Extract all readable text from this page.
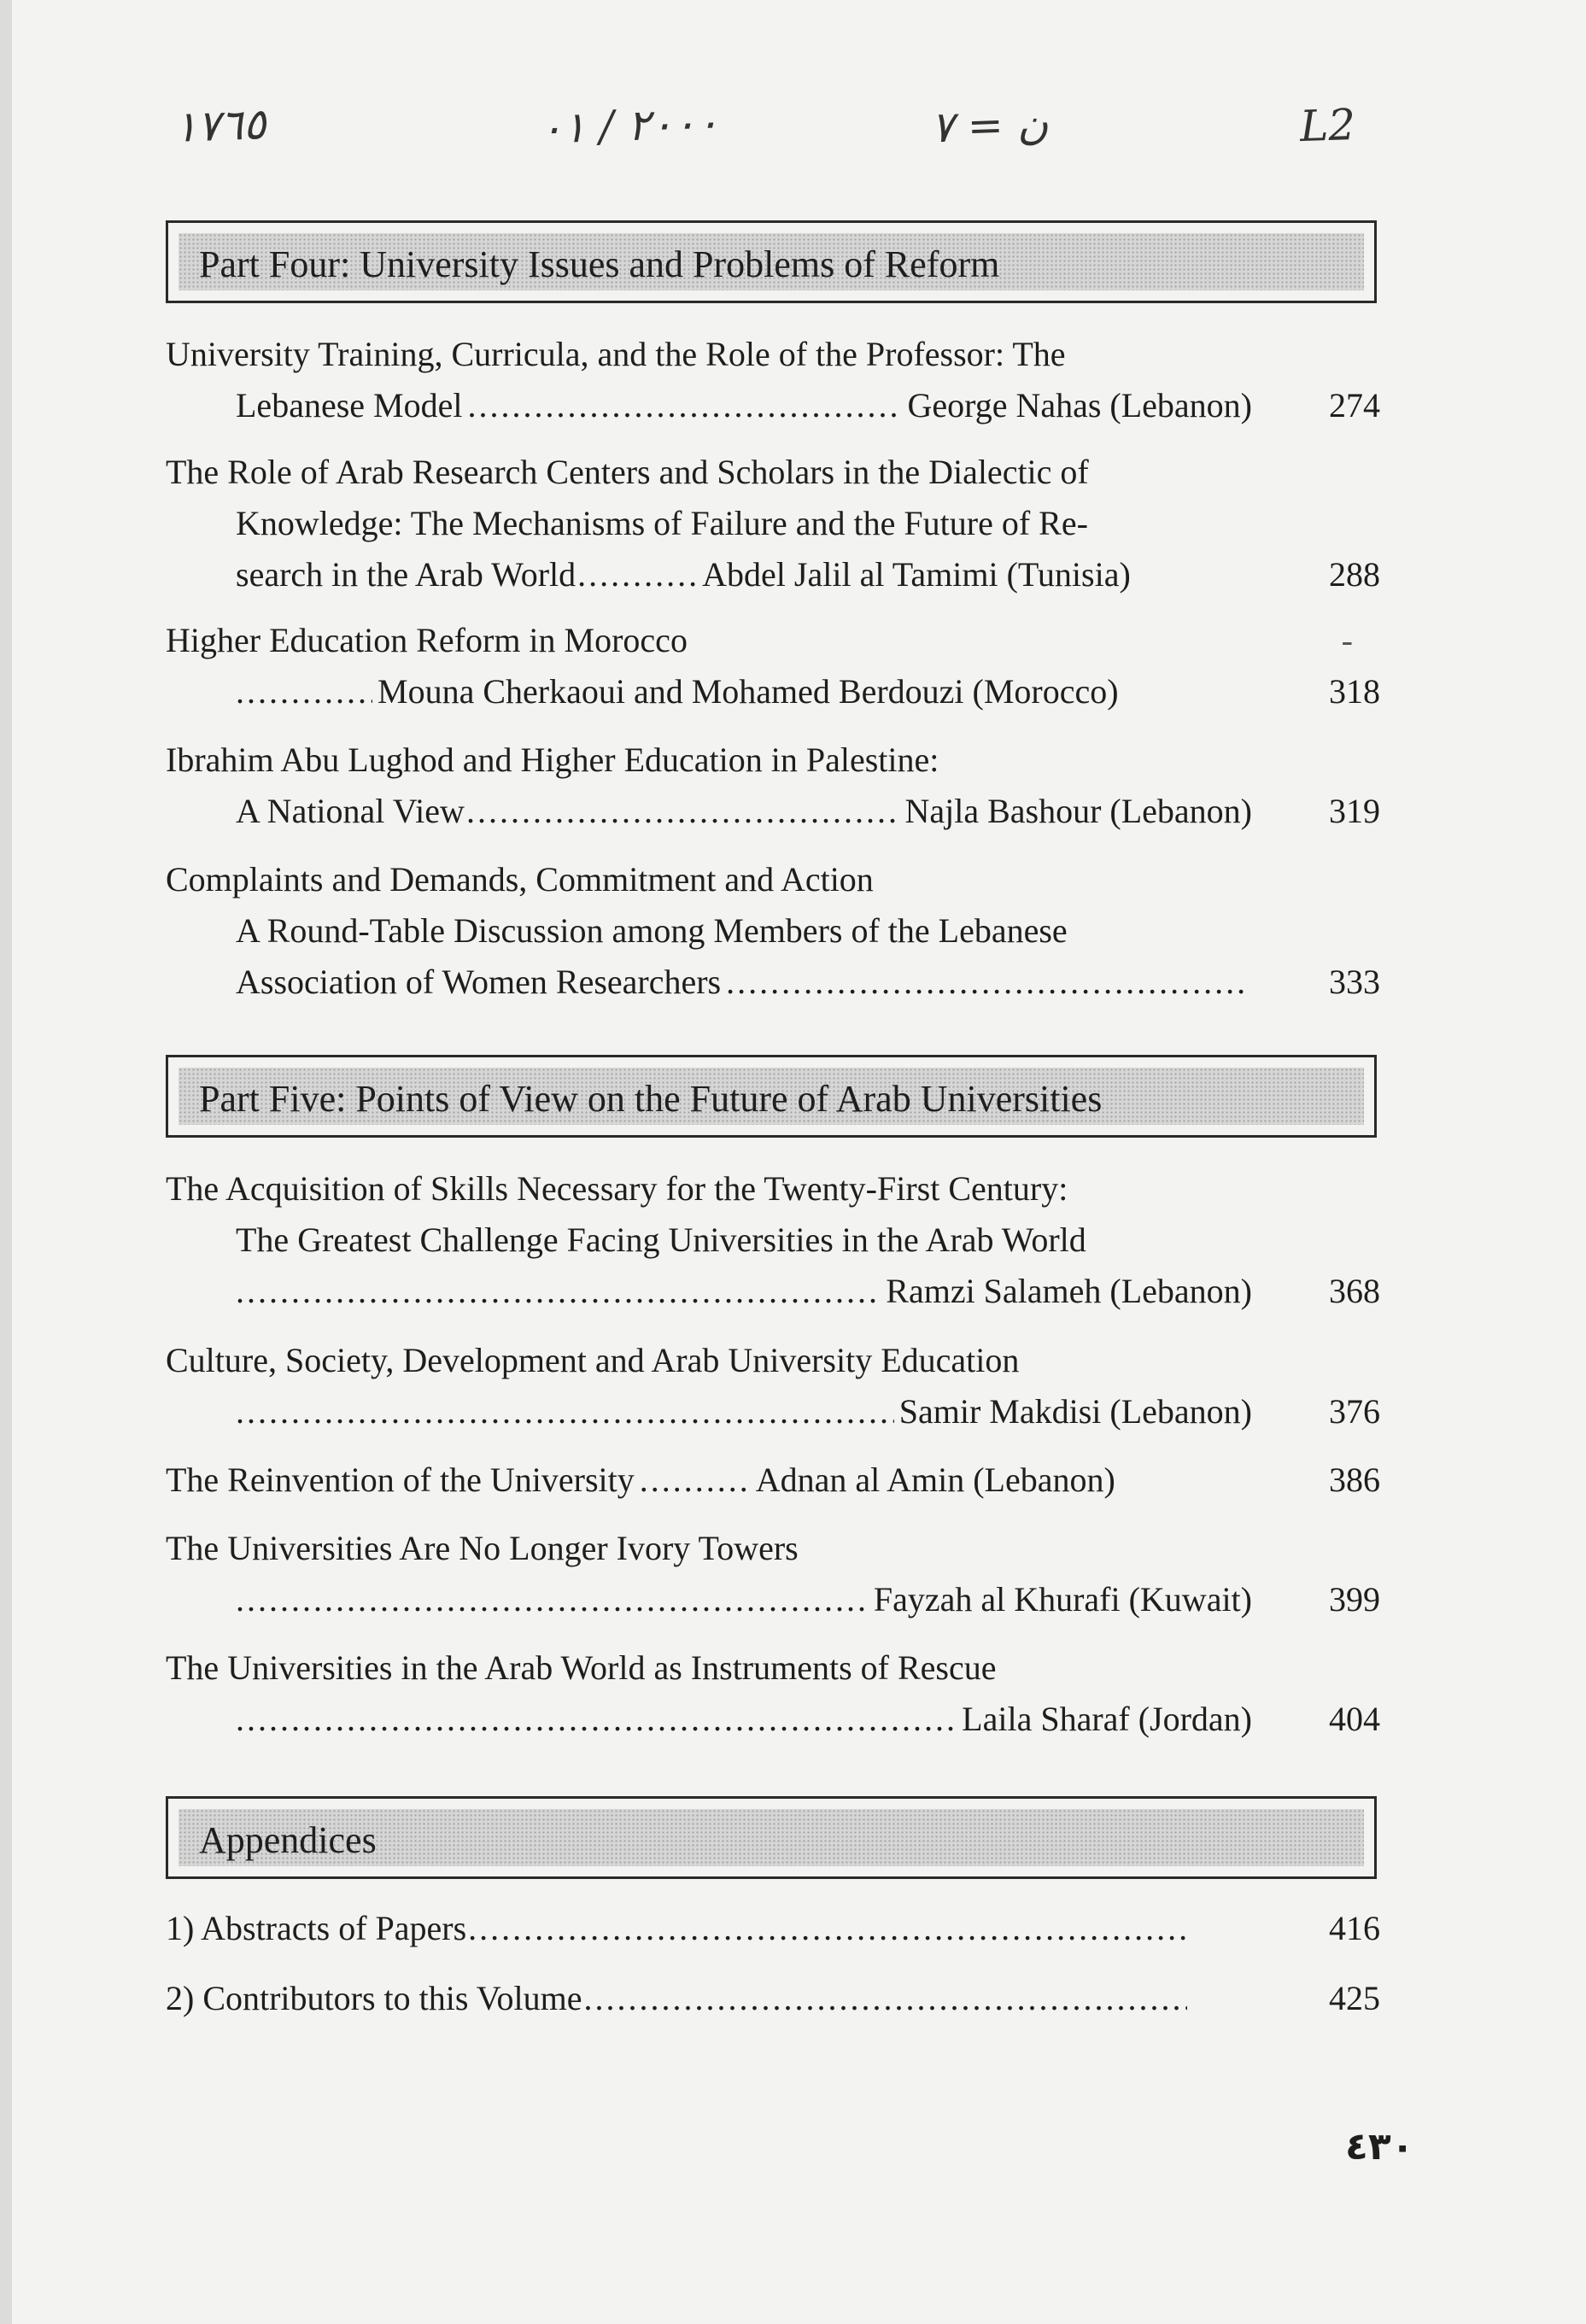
١٧٦٥	٢٠٠٠ / ٠١	ن = ٧	L2
Part Four: University Issues and Problems of Reform
University Training, Curricula, and the Role of the Professor: The
Lebanese Model .....	George Nahas (Lebanon)	274
The Role of Arab Research Centers and Scholars in the Dialectic of
Knowledge: The Mechanisms of Failure and the Future of Re-
search in the Arab World .....	Abdel Jalil al Tamimi (Tunisia)	288
Higher Education Reform in Morocco	-
.....
Mouna Cherkaoui and Mohamed Berdouzi (Morocco)	318
Ibrahim Abu Lughod and Higher Education in Palestine:
A National View .....	Najla Bashour (Lebanon)	319
Complaints and Demands, Commitment and Action
A Round-Table Discussion among Members of the Lebanese
Association of Women Researchers .....	333
Part Five: Points of View on the Future of Arab Universities
The Acquisition of Skills Necessary for the Twenty-First Century:
The Greatest Challenge Facing Universities in the Arab World
.....
Ramzi Salameh (Lebanon)	368
Culture, Society, Development and Arab University Education
.....
Samir Makdisi (Lebanon)	376
The Reinvention of the University .....	Adnan al Amin (Lebanon)	386
The Universities Are No Longer Ivory Towers
.....
Fayzah al Khurafi (Kuwait)	399
The Universities in the Arab World as Instruments of Rescue
.....
Laila Sharaf (Jordan)	404
Appendices
1) Abstracts of Papers .....	416
2) Contributors to this Volume .....	425
٤٣٠
